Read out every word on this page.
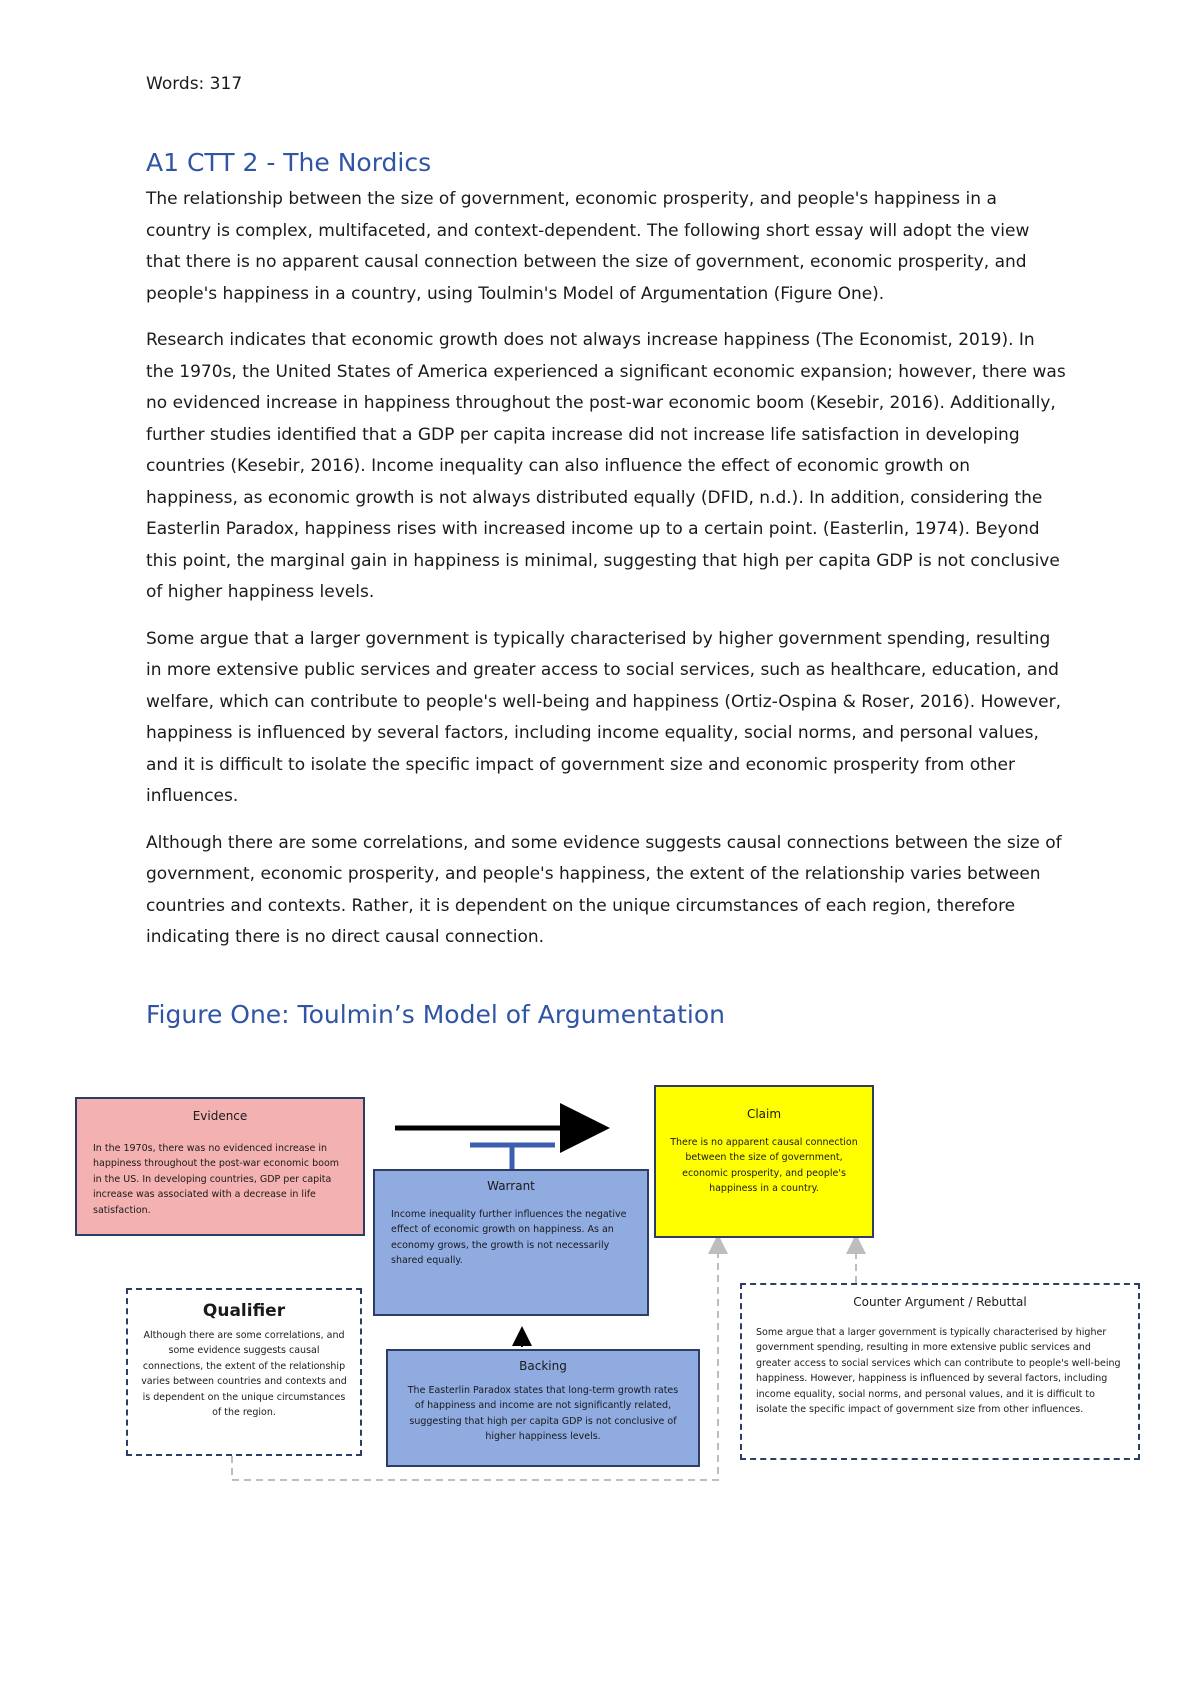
Words: 317
A1 CTT 2 - The Nordics

The relationship between the size of government, economic prosperity, and people's happiness in a country is complex, multifaceted, and context-dependent. The following short essay will adopt the view that there is no apparent causal connection between the size of government, economic prosperity, and people's happiness in a country, using Toulmin's Model of Argumentation (Figure One).

Research indicates that economic growth does not always increase happiness (The Economist, 2019). In the 1970s, the United States of America experienced a significant economic expansion; however, there was no evidenced increase in happiness throughout the post-war economic boom (Kesebir, 2016). Additionally, further studies identified that a GDP per capita increase did not increase life satisfaction in developing countries (Kesebir, 2016). Income inequality can also influence the effect of economic growth on happiness, as economic growth is not always distributed equally (DFID, n.d.). In addition, considering the Easterlin Paradox, happiness rises with increased income up to a certain point. (Easterlin, 1974). Beyond this point, the marginal gain in happiness is minimal, suggesting that high per capita GDP is not conclusive of higher happiness levels.

Some argue that a larger government is typically characterised by higher government spending, resulting in more extensive public services and greater access to social services, such as healthcare, education, and welfare, which can contribute to people's well-being and happiness (Ortiz-Ospina & Roser, 2016). However, happiness is influenced by several factors, including income equality, social norms, and personal values, and it is difficult to isolate the specific impact of government size and economic prosperity from other influences.

Although there are some correlations, and some evidence suggests causal connections between the size of government, economic prosperity, and people's happiness, the extent of the relationship varies between countries and contexts. Rather, it is dependent on the unique circumstances of each region, therefore indicating there is no direct causal connection.

Figure One: Toulmin’s Model of Argumentation
Evidence
In the 1970s, there was no evidenced increase in happiness throughout the post-war economic boom in the US. In developing countries, GDP per capita increase was associated with a decrease in life satisfaction.
Claim
There is no apparent causal connection between the size of government, economic prosperity, and people's happiness in a country.
Warrant
Income inequality further influences the negative effect of economic growth on happiness. As an economy grows, the growth is not necessarily shared equally.
Qualifier
Although there are some correlations, and some evidence suggests causal connections, the extent of the relationship varies between countries and contexts and is dependent on the unique circumstances of the region.
Backing
The Easterlin Paradox states that long-term growth rates of happiness and income are not significantly related, suggesting that high per capita GDP is not conclusive of higher happiness levels.
Counter Argument / Rebuttal
Some argue that a larger government is typically characterised by higher government spending, resulting in more extensive public services and greater access to social services which can contribute to people's well-being happiness. However, happiness is influenced by several factors, including income equality, social norms, and personal values, and it is difficult to isolate the specific impact of government size from other influences.
